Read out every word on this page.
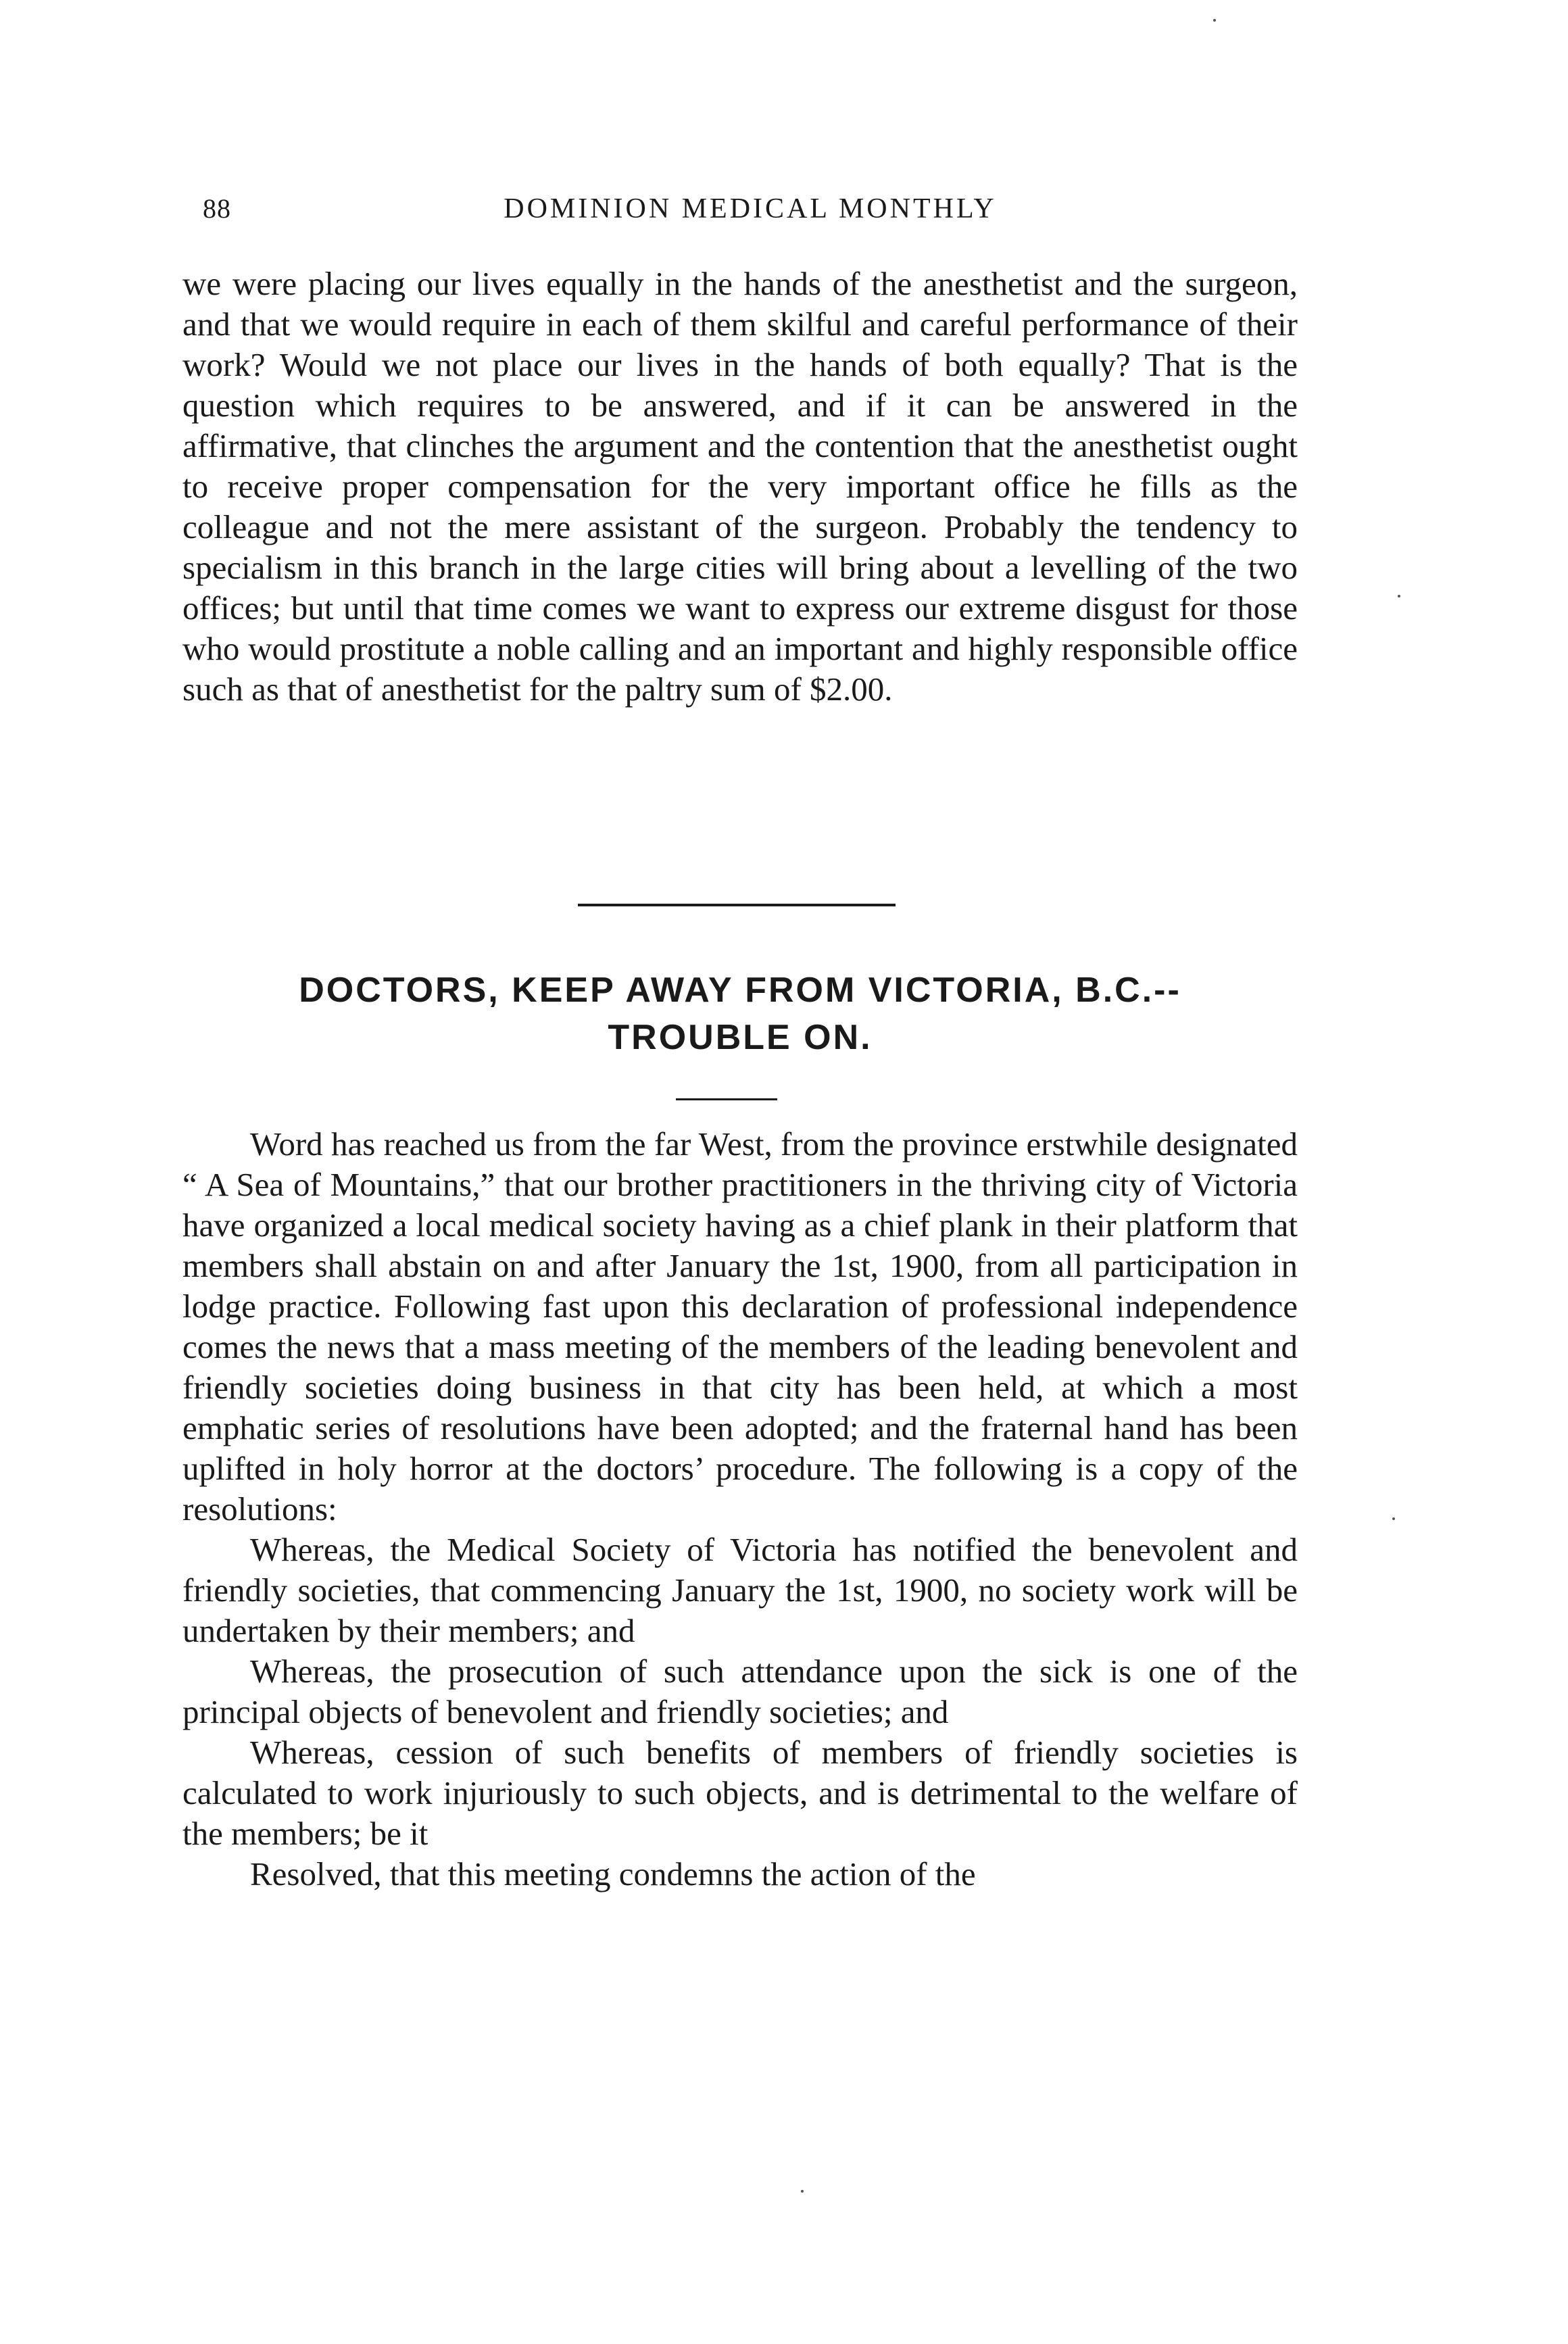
88	DOMINION MEDICAL MONTHLY

we were placing our lives equally in the hands of the anesthetist and the surgeon, and that we would require in each of them skilful and careful performance of their work? Would we not place our lives in the hands of both equally? That is the question which requires to be answered, and if it can be answered in the affirmative, that clinches the argument and the contention that the anesthetist ought to receive proper compensation for the very important office he fills as the colleague and not the mere assistant of the surgeon. Probably the tendency to specialism in this branch in the large cities will bring about a levelling of the two offices; but until that time comes we want to express our extreme disgust for those who would prostitute a noble calling and an important and highly responsible office such as that of anesthetist for the paltry sum of $2.00.

DOCTORS, KEEP AWAY FROM VICTORIA, B.C.--
TROUBLE ON.

Word has reached us from the far West, from the province erstwhile designated “ A Sea of Mountains,” that our brother practitioners in the thriving city of Victoria have organized a local medical society having as a chief plank in their platform that members shall abstain on and after January the 1st, 1900, from all participation in lodge practice. Following fast upon this declaration of professional independence comes the news that a mass meeting of the members of the leading benevolent and friendly societies doing business in that city has been held, at which a most emphatic series of resolutions have been adopted; and the fraternal hand has been uplifted in holy horror at the doctors’ procedure. The following is a copy of the resolutions:

Whereas, the Medical Society of Victoria has notified the benevolent and friendly societies, that commencing January the 1st, 1900, no society work will be undertaken by their members; and

Whereas, the prosecution of such attendance upon the sick is one of the principal objects of benevolent and friendly societies; and

Whereas, cession of such benefits of members of friendly societies is calculated to work injuriously to such objects, and is detrimental to the welfare of the members; be it

Resolved, that this meeting condemns the action of the
